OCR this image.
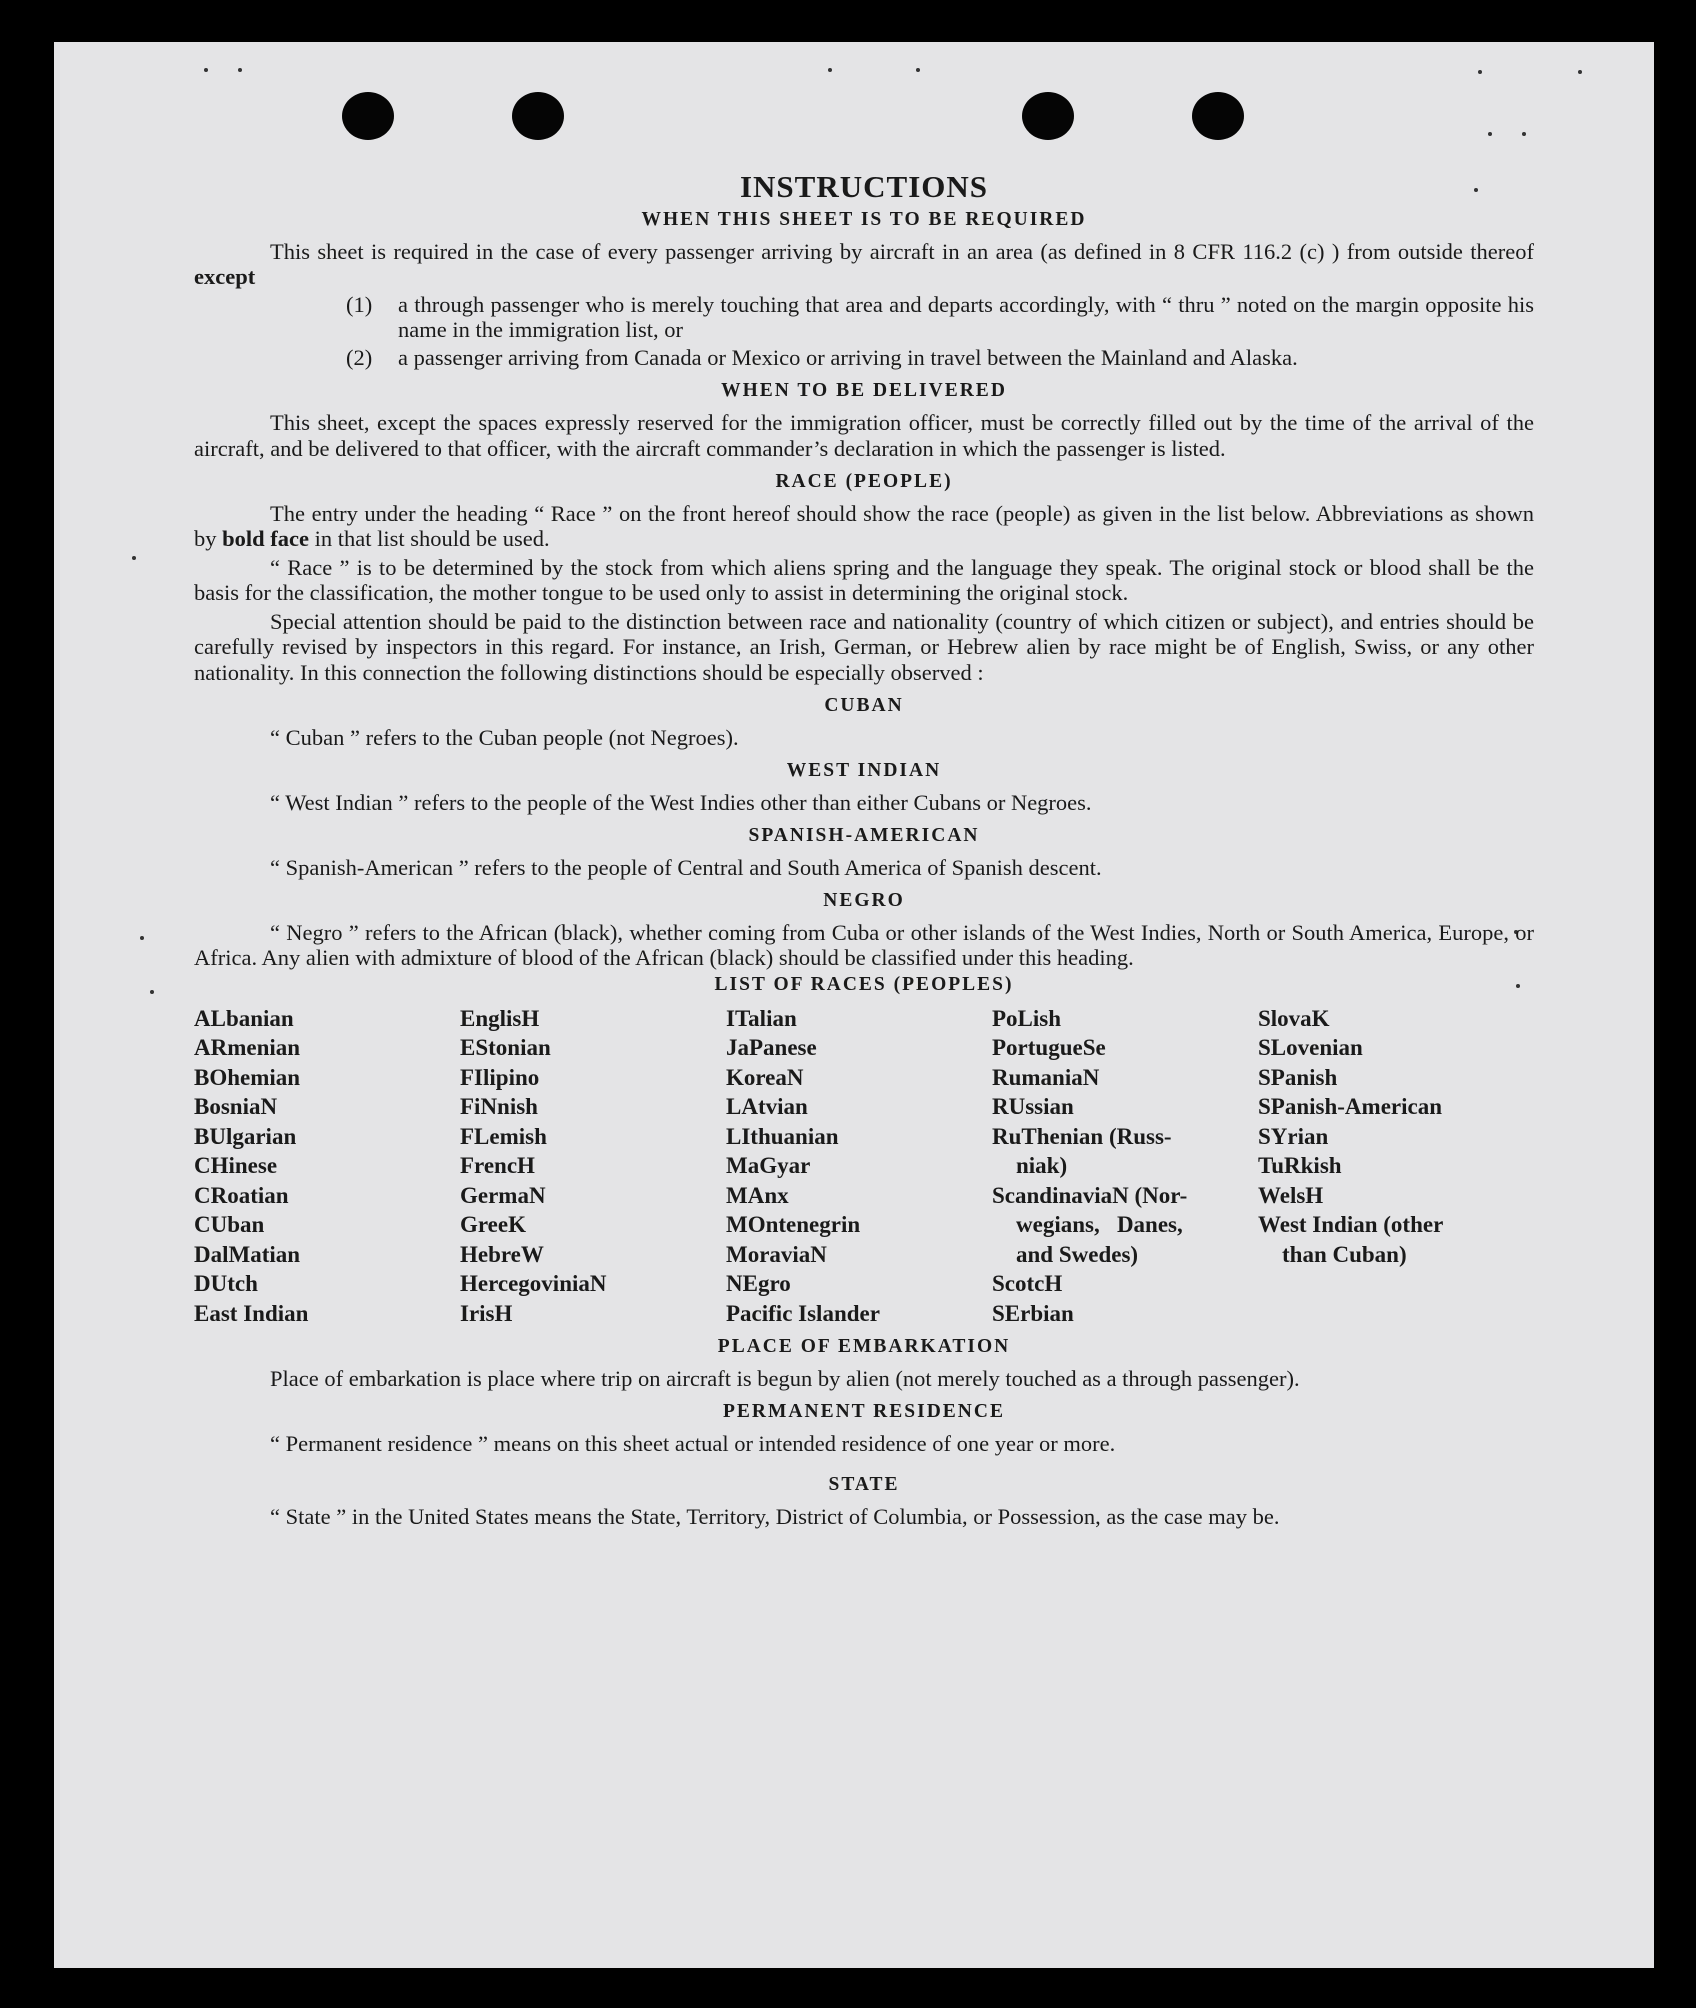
INSTRUCTIONS
WHEN THIS SHEET IS TO BE REQUIRED

This sheet is required in the case of every passenger arriving by aircraft in an area (as defined in 8 CFR 116.2 (c) ) from outside thereof except

(1)	a through passenger who is merely touching that area and departs accordingly, with “ thru ” noted on the margin opposite his name in the immigration list, or
(2)	a passenger arriving from Canada or Mexico or arriving in travel between the Mainland and Alaska.
WHEN TO BE DELIVERED

This sheet, except the spaces expressly reserved for the immigration officer, must be correctly filled out by the time of the arrival of the aircraft, and be delivered to that officer, with the aircraft commander’s declaration in which the passenger is listed.

RACE (PEOPLE)

The entry under the heading “ Race ” on the front hereof should show the race (people) as given in the list below. Abbreviations as shown by bold face in that list should be used.

“ Race ” is to be determined by the stock from which aliens spring and the language they speak. The original stock or blood shall be the basis for the classification, the mother tongue to be used only to assist in determining the original stock.

Special attention should be paid to the distinction between race and nationality (country of which citizen or subject), and entries should be carefully revised by inspectors in this regard. For instance, an Irish, German, or Hebrew alien by race might be of English, Swiss, or any other nationality. In this connection the following distinctions should be especially observed :

CUBAN

“ Cuban ” refers to the Cuban people (not Negroes).

WEST INDIAN

“ West Indian ” refers to the people of the West Indies other than either Cubans or Negroes.

SPANISH-AMERICAN

“ Spanish-American ” refers to the people of Central and South America of Spanish descent.

NEGRO

“ Negro ” refers to the African (black), whether coming from Cuba or other islands of the West Indies, North or South America, Europe, or Africa. Any alien with admixture of blood of the African (black) should be classified under this heading.

LIST OF RACES (PEOPLES)
ALbanian
ARmenian
BOhemian
BosniaN
BUlgarian
CHinese
CRoatian
CUban
DalMatian
DUtch
East Indian
EnglisH
EStonian
FIlipino
FiNnish
FLemish
FrencH
GermaN
GreeK
HebreW
HercegoviniaN
IrisH
ITalian
JaPanese
KoreaN
LAtvian
LIthuanian
MaGyar
MAnx
MOntenegrin
MoraviaN
NEgro
Pacific Islander
PoLish
PortugueSe
RumaniaN
RUssian
RuThenian (Russ-
niak)
ScandinaviaN (Nor-
wegians,   Danes,
and Swedes)
ScotcH
SErbian
SlovaK
SLovenian
SPanish
SPanish-American
SYrian
TuRkish
WelsH
West Indian (other
than Cuban)
PLACE OF EMBARKATION

Place of embarkation is place where trip on aircraft is begun by alien (not merely touched as a through passenger).

PERMANENT RESIDENCE

“ Permanent residence ” means on this sheet actual or intended residence of one year or more.

STATE

“ State ” in the United States means the State, Territory, District of Columbia, or Possession, as the case may be.
